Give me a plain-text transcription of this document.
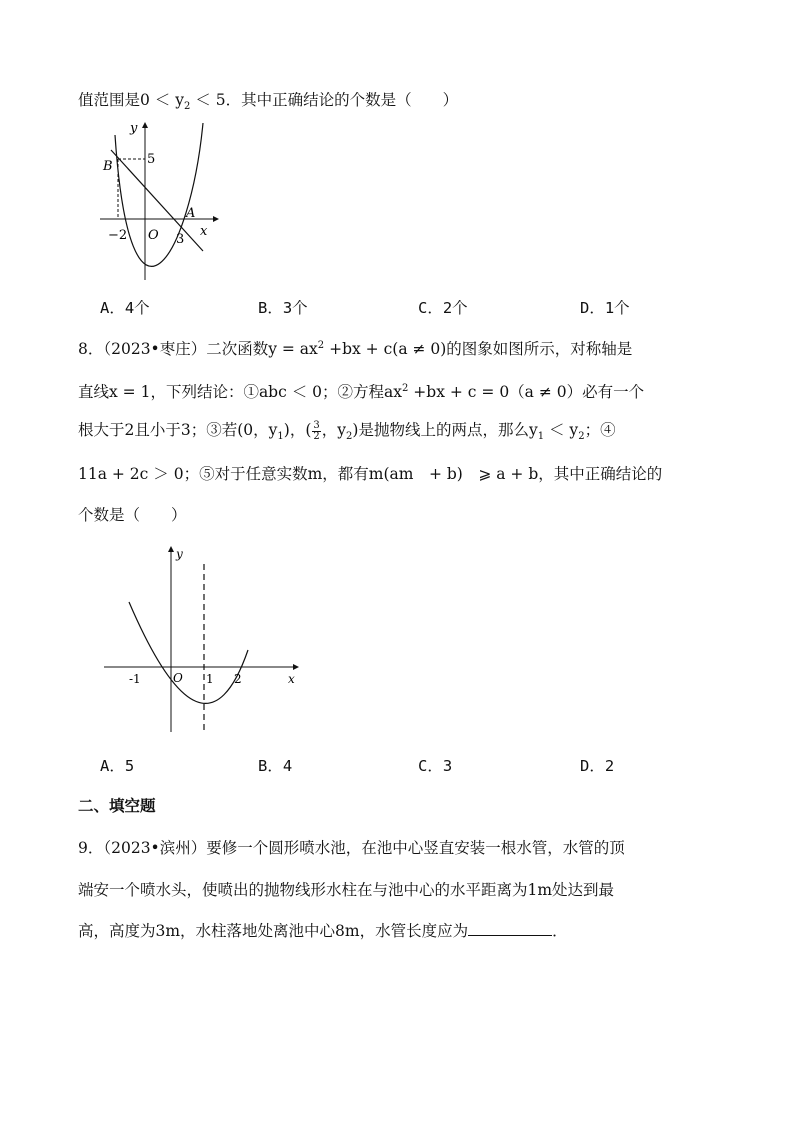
值范围是$0 < y_2 < 5$．其中正确结论的个数是（　　）
y
5
B
A
x
−2 O 3
A．4个	B．3个	C．2个	D．1个
8．（2023•枣庄）二次函数$y = ax^2 +bx + c(a \ne 0)$的图象如图所示，对称轴是
直线x = 1，下列结论：①abc ＜ 0；②方程$ax^2 +bx + c = 0(a \ne 0)$必有一个
根大于2且小于3；③若(0，$y_1$)，( $\frac{3}{2}$ ，$y_2$)是抛物线上的两点，那么$y_1 < y_2$；④
11a + 2c ＞ 0；⑤对于任意实数m，都有m(am　+ b)　⩾ a + b，其中正确结论的
个数是（　　）
y
-1	O 1 2	x
A．5	B．4	C．3	D．2
二、填空题
9．（2023•滨州）要修一个圆形喷水池，在池中心竖直安装一根水管，水管的顶
端安一个喷水头，使喷出的抛物线形水柱在与池中心的水平距离为1m处达到最
高，高度为3m，水柱落地处离池中心8m，水管长度应为	．
